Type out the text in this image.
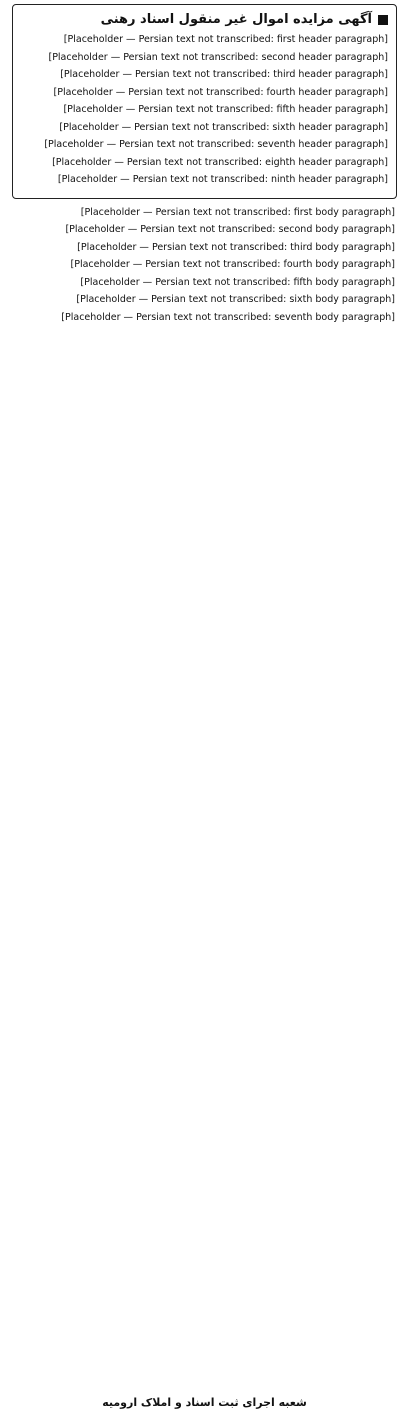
آگهی مزایده اموال غیر منقول اسناد رهنی

[Placeholder — Persian text not transcribed: first header paragraph]

[Placeholder — Persian text not transcribed: second header paragraph]

[Placeholder — Persian text not transcribed: third header paragraph]

[Placeholder — Persian text not transcribed: fourth header paragraph]

[Placeholder — Persian text not transcribed: fifth header paragraph]

[Placeholder — Persian text not transcribed: sixth header paragraph]

[Placeholder — Persian text not transcribed: seventh header paragraph]

[Placeholder — Persian text not transcribed: eighth header paragraph]

[Placeholder — Persian text not transcribed: ninth header paragraph]

[Placeholder — Persian text not transcribed: first body paragraph]

[Placeholder — Persian text not transcribed: second body paragraph]

[Placeholder — Persian text not transcribed: third body paragraph]

[Placeholder — Persian text not transcribed: fourth body paragraph]

[Placeholder — Persian text not transcribed: fifth body paragraph]

[Placeholder — Persian text not transcribed: sixth body paragraph]

[Placeholder — Persian text not transcribed: seventh body paragraph]

شعبه اجرای ثبت اسناد و املاک ارومیه
